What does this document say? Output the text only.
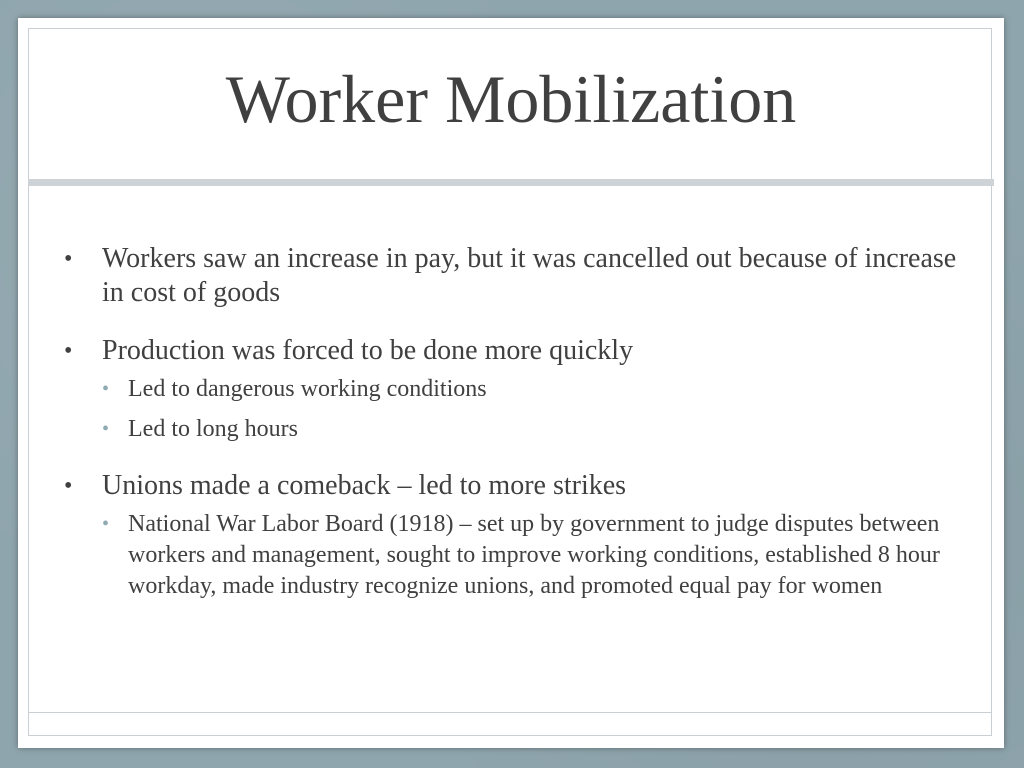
Worker Mobilization
• Workers saw an increase in pay, but it was cancelled out because of increase in cost of goods
• Production was forced to be done more quickly
• Led to dangerous working conditions
• Led to long hours
• Unions made a comeback – led to more strikes
• National War Labor Board (1918) – set up by government to judge disputes between workers and management, sought to improve working conditions, established 8 hour workday, made industry recognize unions, and promoted equal pay for women
